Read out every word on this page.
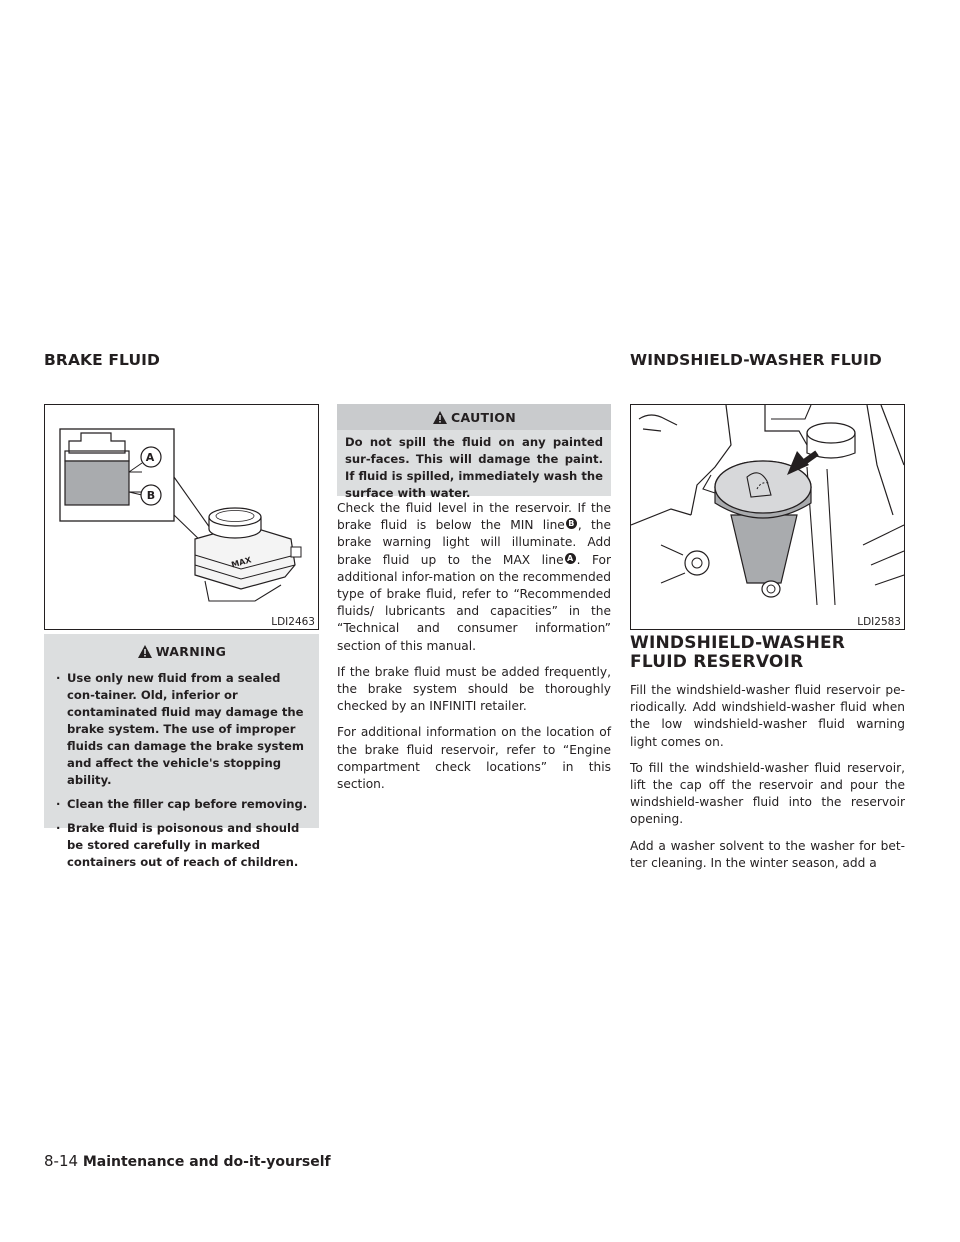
BRAKE FLUID	WINDSHIELD-WASHER FLUID
A
B
MAX
LDI2463
WARNING
· Use only new fluid from a sealed con-tainer. Old, inferior or contaminated fluid may damage the brake system. The use of improper fluids can damage the brake system and affect the vehicle's stopping ability.
· Clean the filler cap before removing.
· Brake fluid is poisonous and should be stored carefully in marked containers out of reach of children.
CAUTION
Do not spill the fluid on any painted sur-faces. This will damage the paint. If fluid is spilled, immediately wash the surface with water.

Check the fluid level in the reservoir. If the brake fluid is below the MIN line B , the brake warning light will illuminate. Add brake fluid up to the MAX line A . For additional infor-mation on the recommended type of brake fluid, refer to “Recommended fluids/ lubricants and capacities” in the “Technical and consumer information” section of this manual.

If the brake fluid must be added frequently, the brake system should be thoroughly checked by an INFINITI retailer.

For additional information on the location of the brake fluid reservoir, refer to “Engine compartment check locations” in this section.

LDI2583
WINDSHIELD-WASHER FLUID RESERVOIR

Fill the windshield-washer fluid reservoir pe-riodically. Add windshield-washer fluid when the low windshield-washer fluid warning light comes on.

To fill the windshield-washer fluid reservoir, lift the cap off the reservoir and pour the windshield-washer fluid into the reservoir opening.

Add a washer solvent to the washer for bet-ter cleaning. In the winter season, add a

8-14 Maintenance and do-it-yourself
